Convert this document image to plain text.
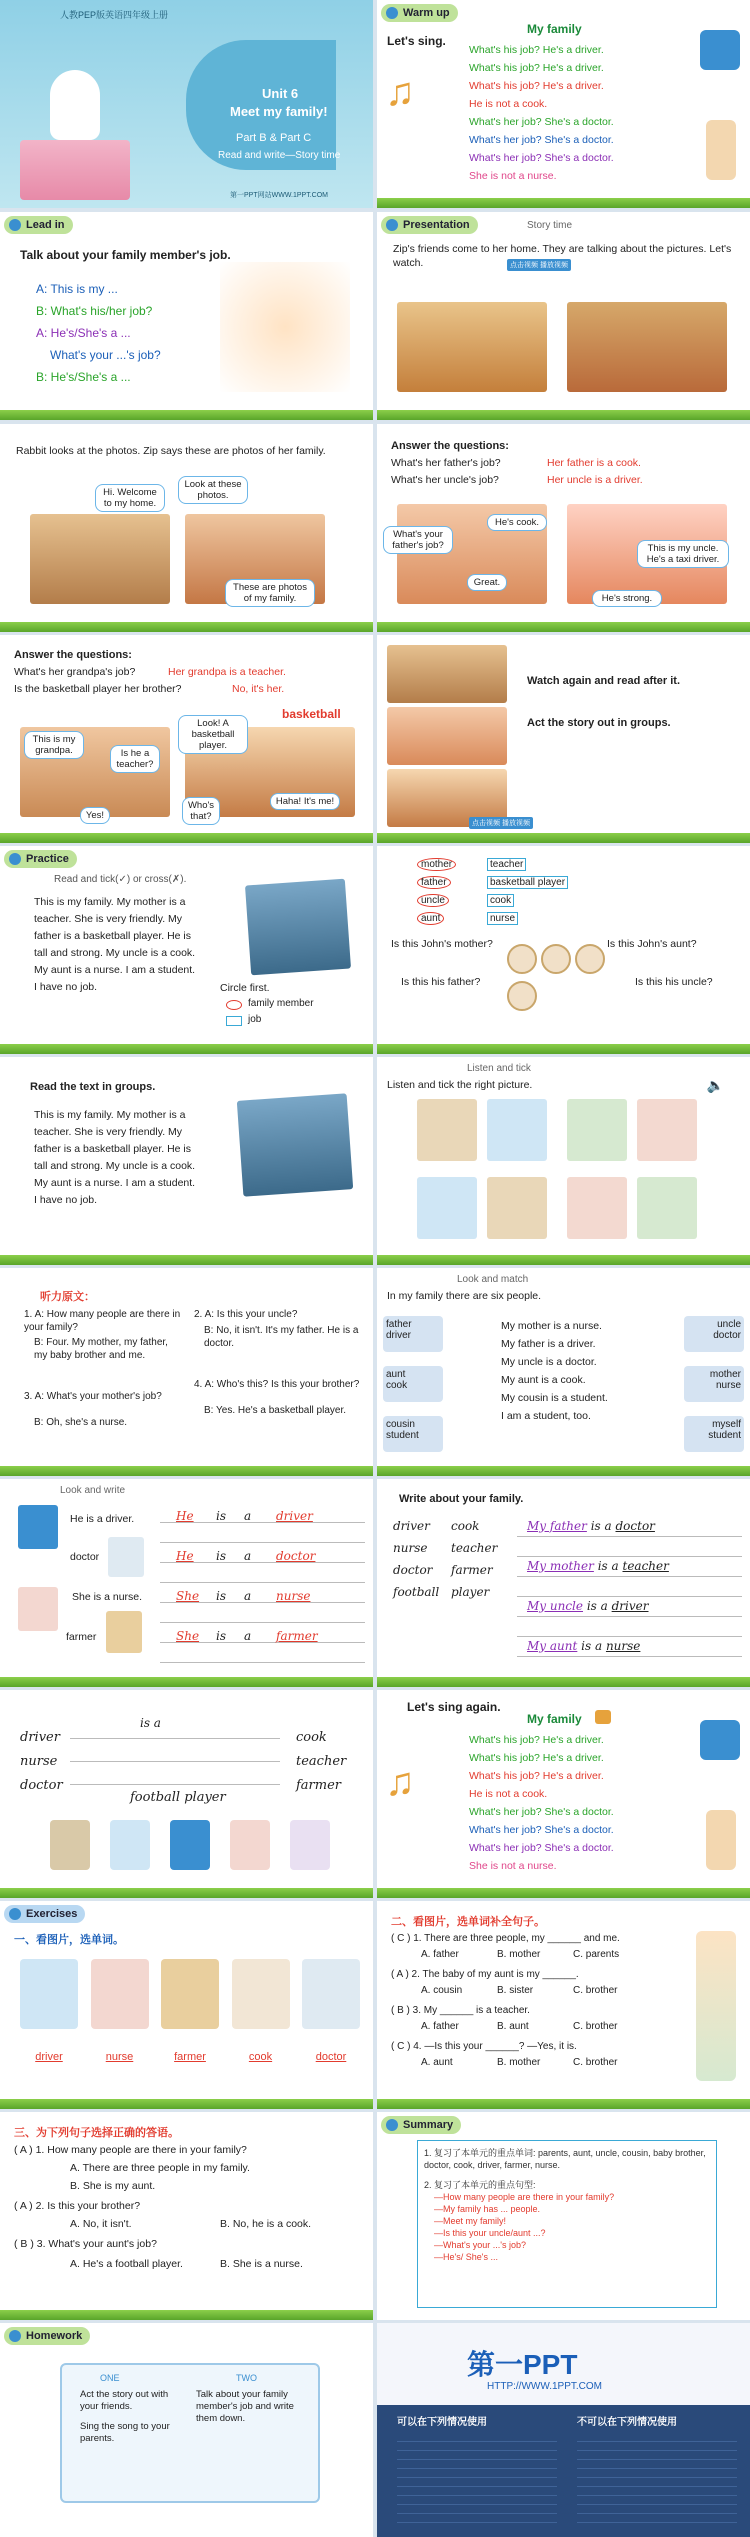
人教PEP版英语四年级上册
Unit 6
Meet my family!
Part B & Part C
Read and write—Story time
第一PPT网站WWW.1PPT.COM
Warm up
Let's sing.
My family
What's his job? He's a driver.
What's his job? He's a driver.
What's his job? He's a driver.
He is not a cook.
What's her job? She's a doctor.
What's her job? She's a doctor.
What's her job? She's a doctor.
She is not a nurse.
♫
Lead in
Talk about your family member's job.
A: This is my ...
B: What's his/her job?
A: He's/She's a ...
What's your ...'s job?
B: He's/She's a ...
Presentation	Story time
Zip's friends come to her home. They are talking about the pictures. Let's watch.	点击视频 播放视频
Rabbit looks at the photos. Zip says these are photos of her family.
Hi. Welcome to my home.
Look at these photos.
These are photos of my family.
Answer the questions:
What's her father's job?	Her father is a cook.
What's her uncle's job?	Her uncle is a driver.
What's your father's job?
He's cook.
Great.
This is my uncle. He's a taxi driver.
He's strong.
Answer the questions:
What's her grandpa's job?	Her grandpa is a teacher.
Is the basketball player her brother?	No, it's her.
basketball
This is my grandpa.	Is he a teacher?
Yes!
Look! A basketball player.
Who's that?
Haha! It's me!
Watch again and read after it.
Act the story out in groups.
点击视频 播放视频
Practice
Read and tick(✓) or cross(✗).
This is my family. My mother is a
teacher. She is very friendly. My
father is a basketball player. He is
tall and strong. My uncle is a cook.
My aunt is a nurse. I am a student.
I have no job.	Circle first.
family member
job
mother	teacher
father	basketball player
uncle	cook
aunt	nurse
Is this John's mother?	Is this John's aunt?
Is this his father?	Is this his uncle?
Read the text in groups.
This is my family. My mother is a
teacher. She is very friendly. My
father is a basketball player. He is
tall and strong. My uncle is a cook.
My aunt is a nurse. I am a student.
I have no job.
Listen and tick
Listen and tick the right picture.	🔈
听力原文：
1. A: How many people are there in your family?
B: Four. My mother, my father, my baby brother and me.
2. A: Is this your uncle?
B: No, it isn't. It's my father. He is a doctor.
3. A: What's your mother's job?
B: Oh, she's a nurse.
4. A: Who's this? Is this your brother?
B: Yes. He's a basketball player.
Look and match
In my family there are six people.
father
driver
aunt
cook
cousin
student
My mother is a nurse.
My father is a driver.
My uncle is a doctor.
My aunt is a cook.
My cousin is a student.
I am a student, too.
uncle
doctor
mother
nurse
myself
student
Look and write
He is a driver.
doctor
She is a nurse.
farmer
He is a driver
He is a doctor
She is a nurse
She is a farmer
Write about your family.
driver cook
nurse teacher
doctor farmer
football player
My father is a doctor
My mother is a teacher
My uncle is a driver
My aunt is a nurse
is a
driver
nurse
doctor
cook
teacher
farmer
football player
Let's sing again.
My family
What's his job? He's a driver.
What's his job? He's a driver.
What's his job? He's a driver.
He is not a cook.
What's her job? She's a doctor.
What's her job? She's a doctor.
What's her job? She's a doctor.
She is not a nurse.
♫
Exercises
一、看图片，选单词。
driver	nurse	farmer	cook	doctor
二、看图片，选单词补全句子。
( C ) 1. There are three people, my ______ and me.
A. father	B. mother	C. parents
( A ) 2. The baby of my aunt is my ______.
A. cousin	B. sister	C. brother
( B ) 3. My ______ is a teacher.
A. father	B. aunt	C. brother
( C ) 4. —Is this your ______? —Yes, it is.
A. aunt	B. mother	C. brother
三、为下列句子选择正确的答语。
( A ) 1. How many people are there in your family?
A. There are three people in my family.
B. She is my aunt.
( A ) 2. Is this your brother?
A. No, it isn't.	B. No, he is a cook.
( B ) 3. What's your aunt's job?
A. He's a football player.	B. She is a nurse.
Summary
1. 复习了本单元的重点单词: parents, aunt, uncle, cousin, baby brother, doctor, cook, driver, farmer, nurse.
2. 复习了本单元的重点句型:
—How many people are there in your family?
—My family has ... people.
—Meet my family!
—Is this your uncle/aunt ...?
—What's your ...'s job?
—He's/ She's ...
Homework
ONE	TWO
Act the story out with your friends.
Sing the song to your parents.
Talk about your family member's job and write them down.
第一PPT
HTTP://WWW.1PPT.COM
可以在下列情况使用	不可以在下列情况使用
